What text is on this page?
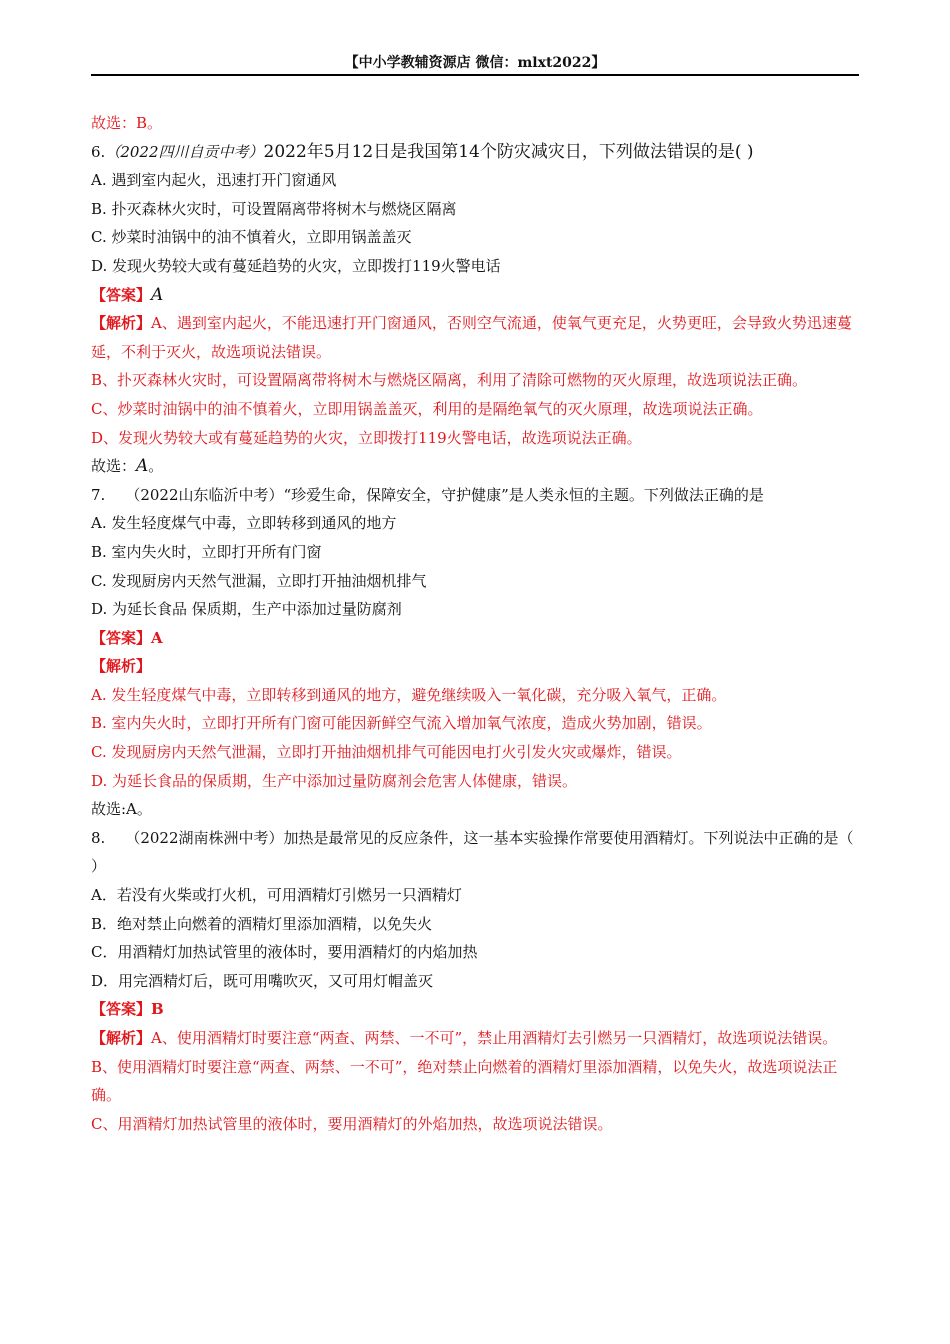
【中小学教辅资源店 微信：mlxt2022】
故选：B。
6.（2022四川自贡中考）2022年5月12日是我国第14个防灾减灾日，下列做法错误的是( )
A. 遇到室内起火，迅速打开门窗通风
B. 扑灭森林火灾时，可设置隔离带将树木与燃烧区隔离
C. 炒菜时油锅中的油不慎着火，立即用锅盖盖灭
D. 发现火势较大或有蔓延趋势的火灾，立即拨打119火警电话
【答案】A
【解析】A、遇到室内起火，不能迅速打开门窗通风，否则空气流通，使氧气更充足，火势更旺，会导致火势迅速蔓延，不利于灭火，故选项说法错误。
B、扑灭森林火灾时，可设置隔离带将树木与燃烧区隔离，利用了清除可燃物的灭火原理，故选项说法正确。
C、炒菜时油锅中的油不慎着火，立即用锅盖盖灭，利用的是隔绝氧气的灭火原理，故选项说法正确。
D、发现火势较大或有蔓延趋势的火灾，立即拨打119火警电话，故选项说法正确。
故选：A。
7. （2022山东临沂中考）“珍爱生命，保障安全，守护健康”是人类永恒的主题。下列做法正确的是
A. 发生轻度煤气中毒，立即转移到通风的地方
B. 室内失火时，立即打开所有门窗
C. 发现厨房内天然气泄漏，立即打开抽油烟机排气
D. 为延长食品 保质期，生产中添加过量防腐剂
【答案】A
【解析】
A. 发生轻度煤气中毒，立即转移到通风的地方，避免继续吸入一氧化碳，充分吸入氧气，正确。
B. 室内失火时，立即打开所有门窗可能因新鲜空气流入增加氧气浓度，造成火势加剧，错误。
C. 发现厨房内天然气泄漏，立即打开抽油烟机排气可能因电打火引发火灾或爆炸，错误。
D. 为延长食品的保质期，生产中添加过量防腐剂会危害人体健康，错误。
故选:A。
8. （2022湖南株洲中考）加热是最常见的反应条件，这一基本实验操作常要使用酒精灯。下列说法中正确的是（ ）
A．若没有火柴或打火机，可用酒精灯引燃另一只酒精灯
B．绝对禁止向燃着的酒精灯里添加酒精，以免失火
C．用酒精灯加热试管里的液体时，要用酒精灯的内焰加热
D．用完酒精灯后，既可用嘴吹灭，又可用灯帽盖灭
【答案】B
【解析】A、使用酒精灯时要注意“两查、两禁、一不可”，禁止用酒精灯去引燃另一只酒精灯，故选项说法错误。
B、使用酒精灯时要注意“两查、两禁、一不可”，绝对禁止向燃着的酒精灯里添加酒精，以免失火，故选项说法正确。
C、用酒精灯加热试管里的液体时，要用酒精灯的外焰加热，故选项说法错误。
